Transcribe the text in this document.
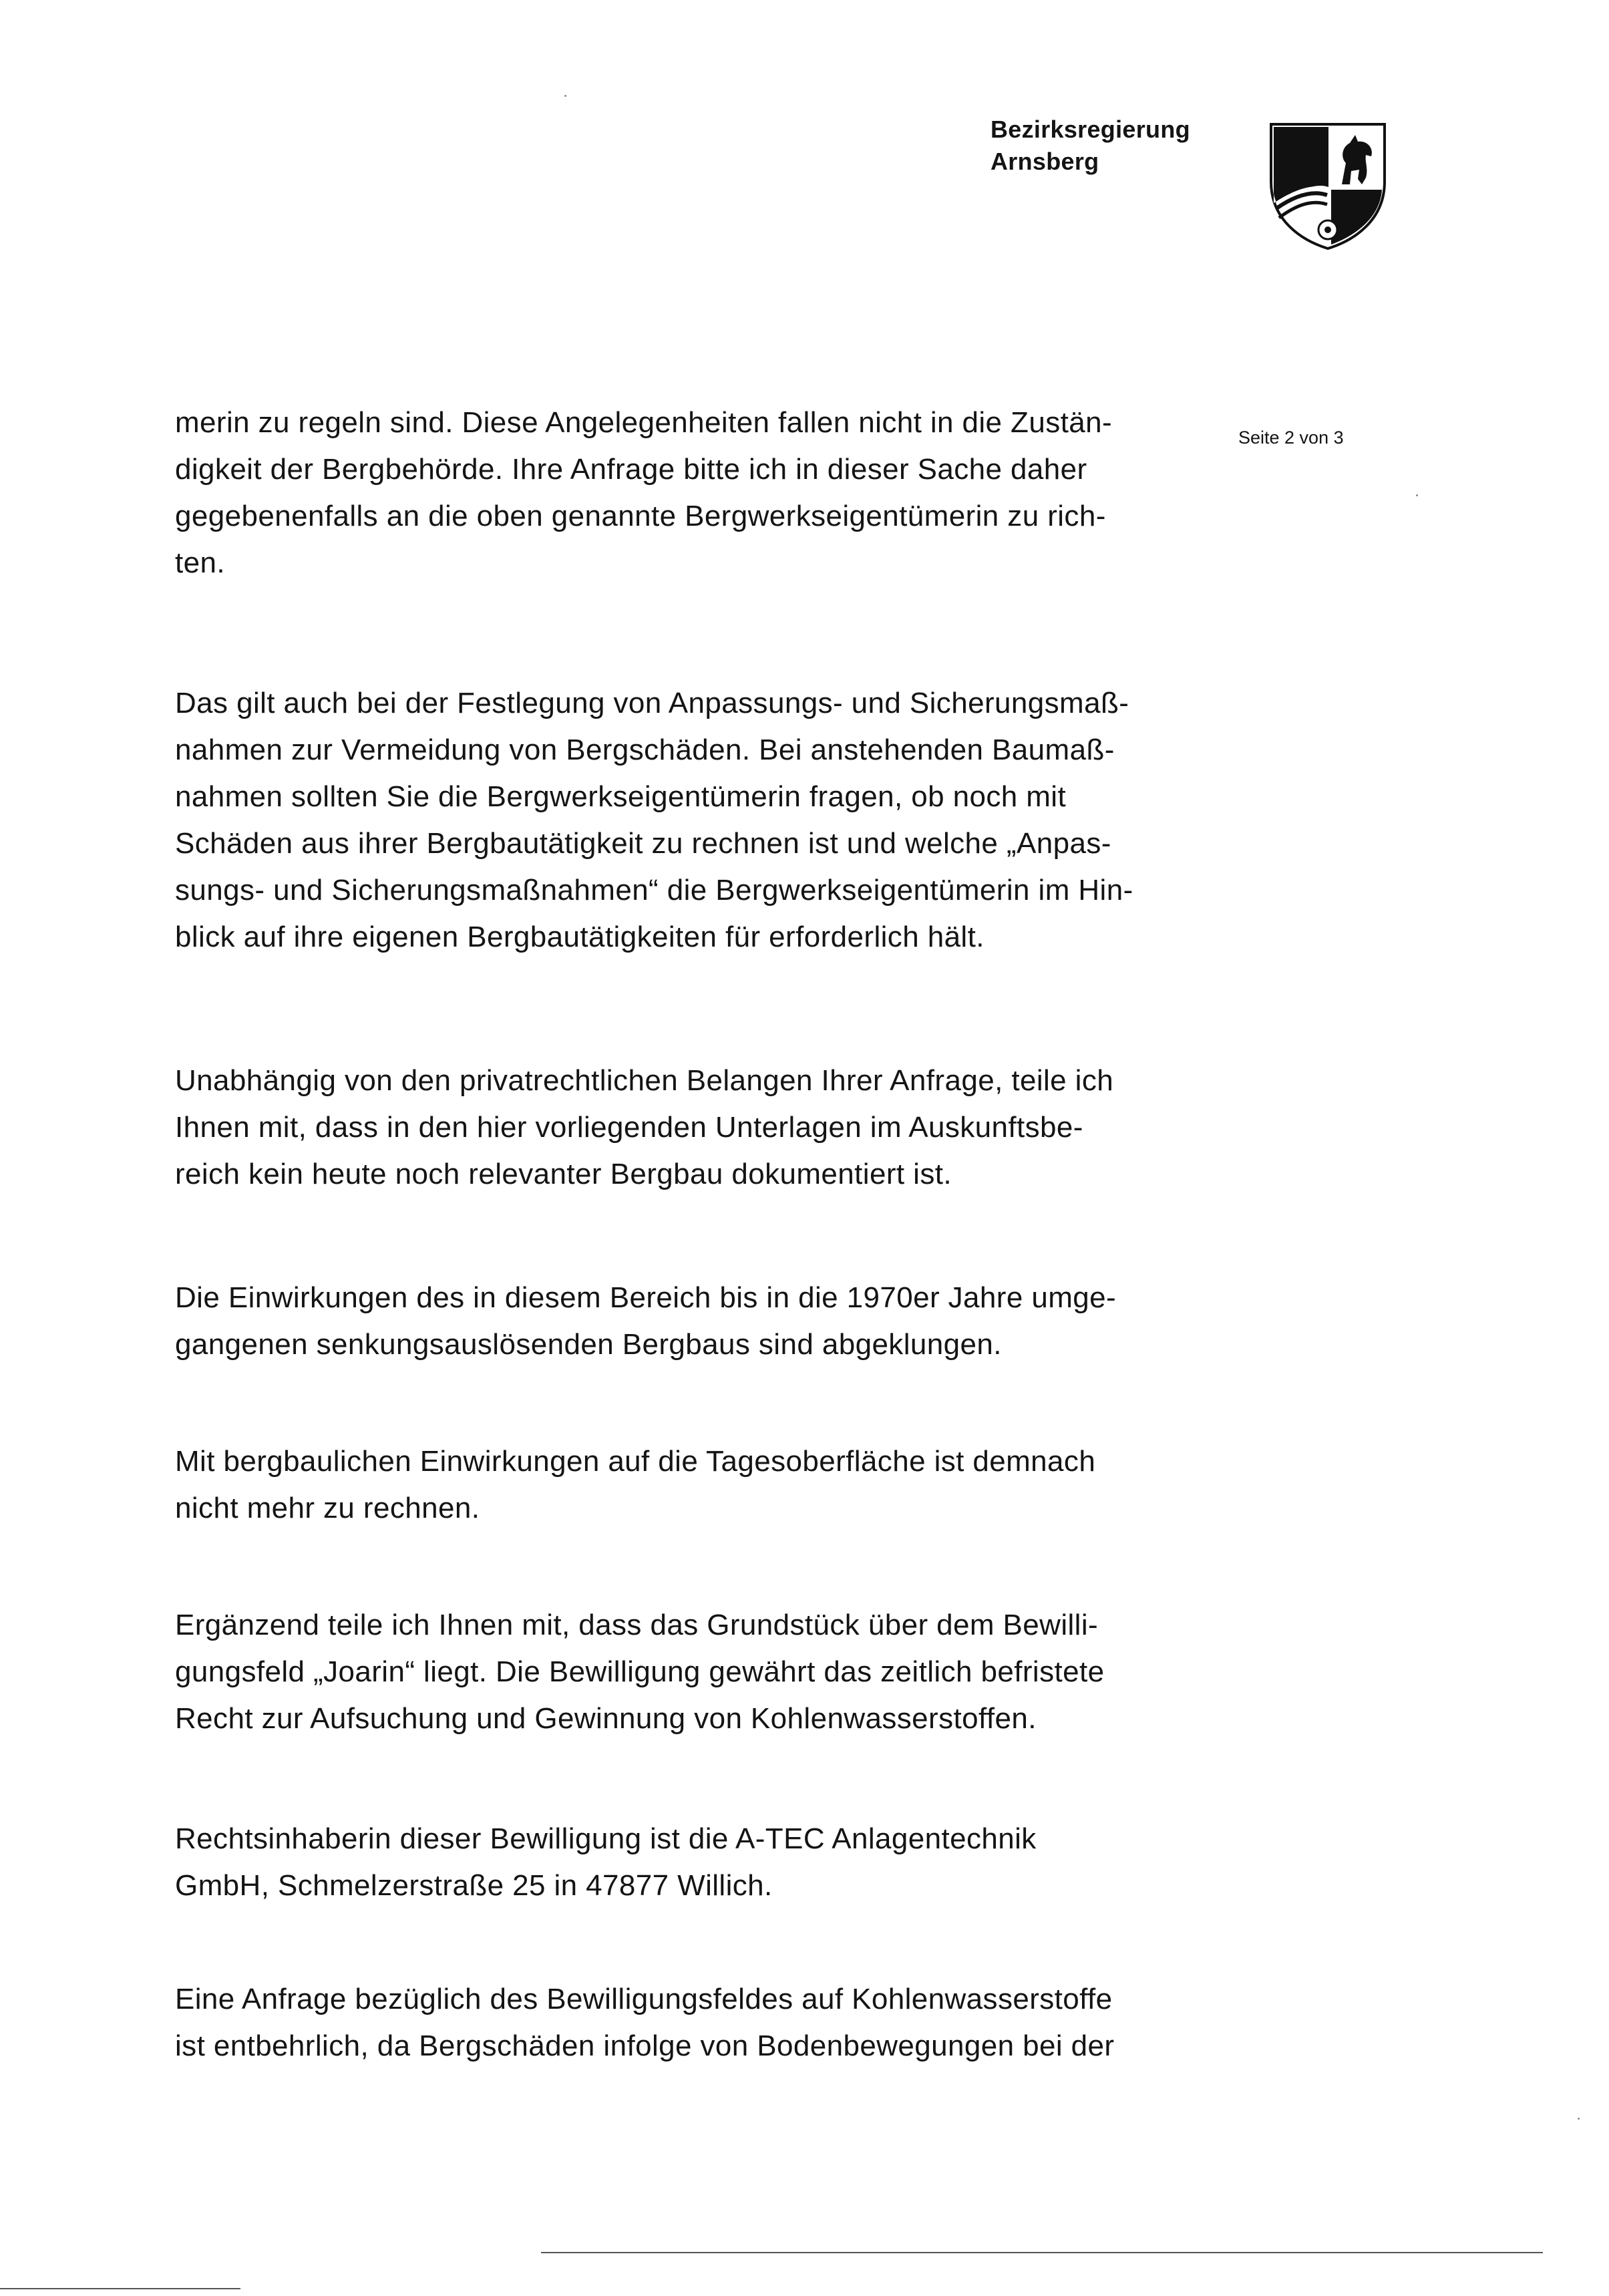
Bezirksregierung
Arnsberg
Seite 2 von 3
merin zu regeln sind. Diese Angelegenheiten fallen nicht in die Zustän-
digkeit der Bergbehörde. Ihre Anfrage bitte ich in dieser Sache daher
gegebenenfalls an die oben genannte Bergwerkseigentümerin zu rich-
ten.
Das gilt auch bei der Festlegung von Anpassungs- und Sicherungsmaß-
nahmen zur Vermeidung von Bergschäden. Bei anstehenden Baumaß-
nahmen sollten Sie die Bergwerkseigentümerin fragen, ob noch mit
Schäden aus ihrer Bergbautätigkeit zu rechnen ist und welche „Anpas-
sungs- und Sicherungsmaßnahmen“ die Bergwerkseigentümerin im Hin-
blick auf ihre eigenen Bergbautätigkeiten für erforderlich hält.
Unabhängig von den privatrechtlichen Belangen Ihrer Anfrage, teile ich
Ihnen mit, dass in den hier vorliegenden Unterlagen im Auskunftsbe-
reich kein heute noch relevanter Bergbau dokumentiert ist.
Die Einwirkungen des in diesem Bereich bis in die 1970er Jahre umge-
gangenen senkungsauslösenden Bergbaus sind abgeklungen.
Mit bergbaulichen Einwirkungen auf die Tagesoberfläche ist demnach
nicht mehr zu rechnen.
Ergänzend teile ich Ihnen mit, dass das Grundstück über dem Bewilli-
gungsfeld „Joarin“ liegt. Die Bewilligung gewährt das zeitlich befristete
Recht zur Aufsuchung und Gewinnung von Kohlenwasserstoffen.
Rechtsinhaberin dieser Bewilligung ist die A-TEC Anlagentechnik
GmbH, Schmelzerstraße 25 in 47877 Willich.
Eine Anfrage bezüglich des Bewilligungsfeldes auf Kohlenwasserstoffe
ist entbehrlich, da Bergschäden infolge von Bodenbewegungen bei der
